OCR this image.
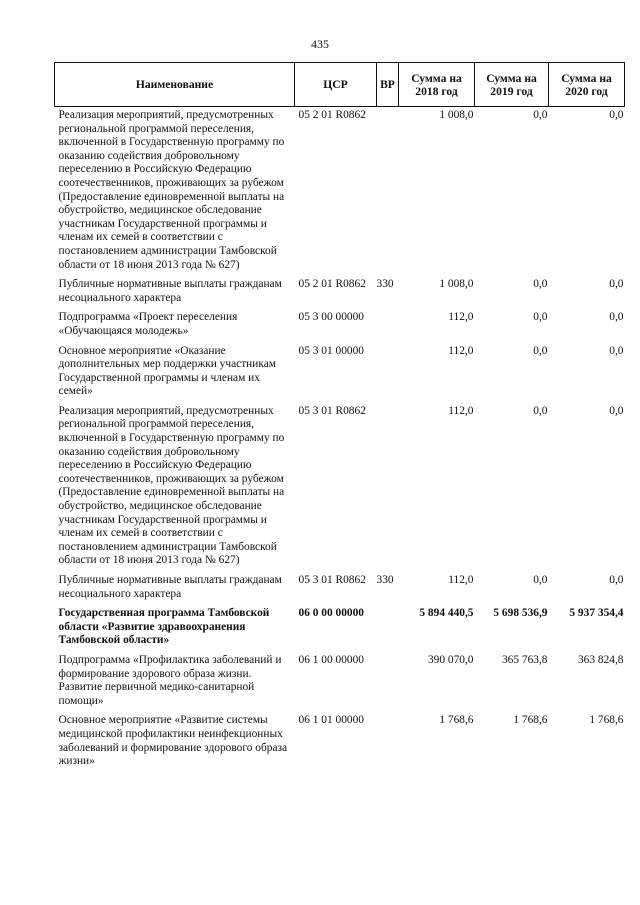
435
Наименование	ЦСР	ВР	Сумма на 2018 год	Сумма на 2019 год	Сумма на 2020 год
Реализация мероприятий, предусмотренных региональной программой переселения, включенной в Государственную программу по оказанию содействия добровольному переселению в Российскую Федерацию соотечественников, проживающих за рубежом (Предоставление единовременной выплаты на обустройство, медицинское обследование участникам Государственной программы и членам их семей в соответствии с постановлением администрации Тамбовской области от 18 июня 2013 года № 627)	05 2 01 R0862		1 008,0	0,0	0,0
Публичные нормативные выплаты гражданам несоциального характера	05 2 01 R0862	330	1 008,0	0,0	0,0
Подпрограмма «Проект переселения «Обучающаяся молодежь»	05 3 00 00000		112,0	0,0	0,0
Основное мероприятие «Оказание дополнительных мер поддержки участникам Государственной программы и членам их семей»	05 3 01 00000		112,0	0,0	0,0
Реализация мероприятий, предусмотренных региональной программой переселения, включенной в Государственную программу по оказанию содействия добровольному переселению в Российскую Федерацию соотечественников, проживающих за рубежом (Предоставление единовременной выплаты на обустройство, медицинское обследование участникам Государственной программы и членам их семей в соответствии с постановлением администрации Тамбовской области от 18 июня 2013 года № 627)	05 3 01 R0862		112,0	0,0	0,0
Публичные нормативные выплаты гражданам несоциального характера	05 3 01 R0862	330	112,0	0,0	0,0
Государственная программа Тамбовской области «Развитие здравоохранения Тамбовской области»	06 0 00 00000		5 894 440,5	5 698 536,9	5 937 354,4
Подпрограмма «Профилактика заболеваний и формирование здорового образа жизни. Развитие первичной медико-санитарной помощи»	06 1 00 00000		390 070,0	365 763,8	363 824,8
Основное мероприятие «Развитие системы медицинской профилактики неинфекционных заболеваний и формирование здорового образа жизни»	06 1 01 00000		1 768,6	1 768,6	1 768,6
